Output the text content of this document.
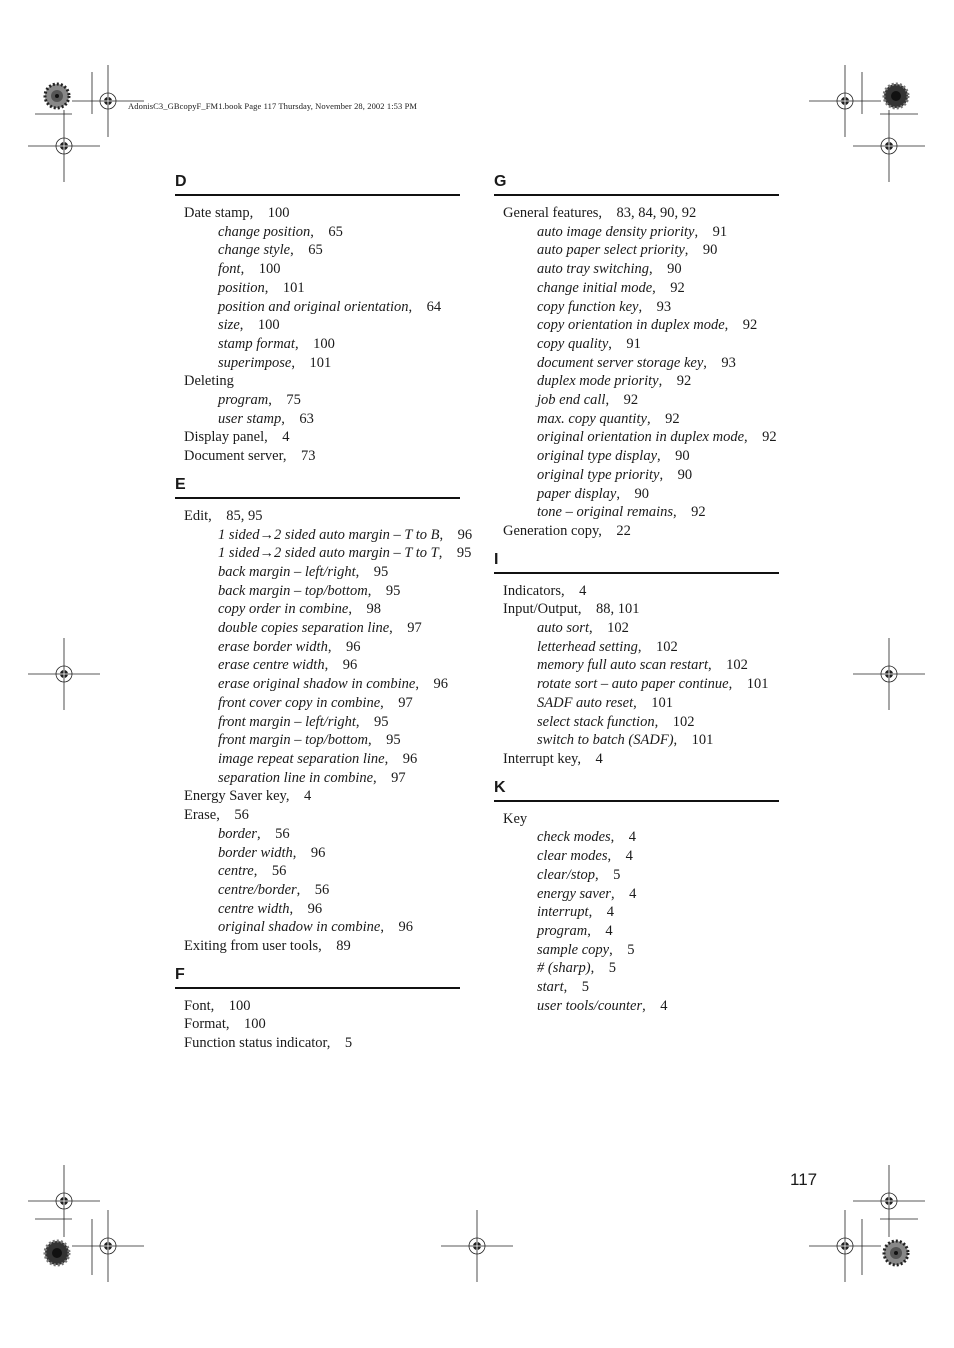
AdonisC3_GBcopyF_FM1.book Page 117 Thursday, November 28, 2002 1:53 PM
D
Date stamp, 100
change position, 65
change style, 65
font, 100
position, 101
position and original orientation, 64
size, 100
stamp format, 100
superimpose, 101
Deleting
program, 75
user stamp, 63
Display panel, 4
Document server, 73
E
Edit, 85, 95
1 sided→2 sided auto margin – T to B, 96
1 sided→2 sided auto margin – T to T, 95
back margin – left/right, 95
back margin – top/bottom, 95
copy order in combine, 98
double copies separation line, 97
erase border width, 96
erase centre width, 96
erase original shadow in combine, 96
front cover copy in combine, 97
front margin – left/right, 95
front margin – top/bottom, 95
image repeat separation line, 96
separation line in combine, 97
Energy Saver key, 4
Erase, 56
border, 56
border width, 96
centre, 56
centre/border, 56
centre width, 96
original shadow in combine, 96
Exiting from user tools, 89
F
Font, 100
Format, 100
Function status indicator, 5
G
General features, 83, 84, 90, 92
auto image density priority, 91
auto paper select priority, 90
auto tray switching, 90
change initial mode, 92
copy function key, 93
copy orientation in duplex mode, 92
copy quality, 91
document server storage key, 93
duplex mode priority, 92
job end call, 92
max. copy quantity, 92
original orientation in duplex mode, 92
original type display, 90
original type priority, 90
paper display, 90
tone – original remains, 92
Generation copy, 22
I
Indicators, 4
Input/Output, 88, 101
auto sort, 102
letterhead setting, 102
memory full auto scan restart, 102
rotate sort – auto paper continue, 101
SADF auto reset, 101
select stack function, 102
switch to batch (SADF), 101
Interrupt key, 4
K
Key
check modes, 4
clear modes, 4
clear/stop, 5
energy saver, 4
interrupt, 4
program, 4
sample copy, 5
# (sharp), 5
start, 5
user tools/counter, 4
117
